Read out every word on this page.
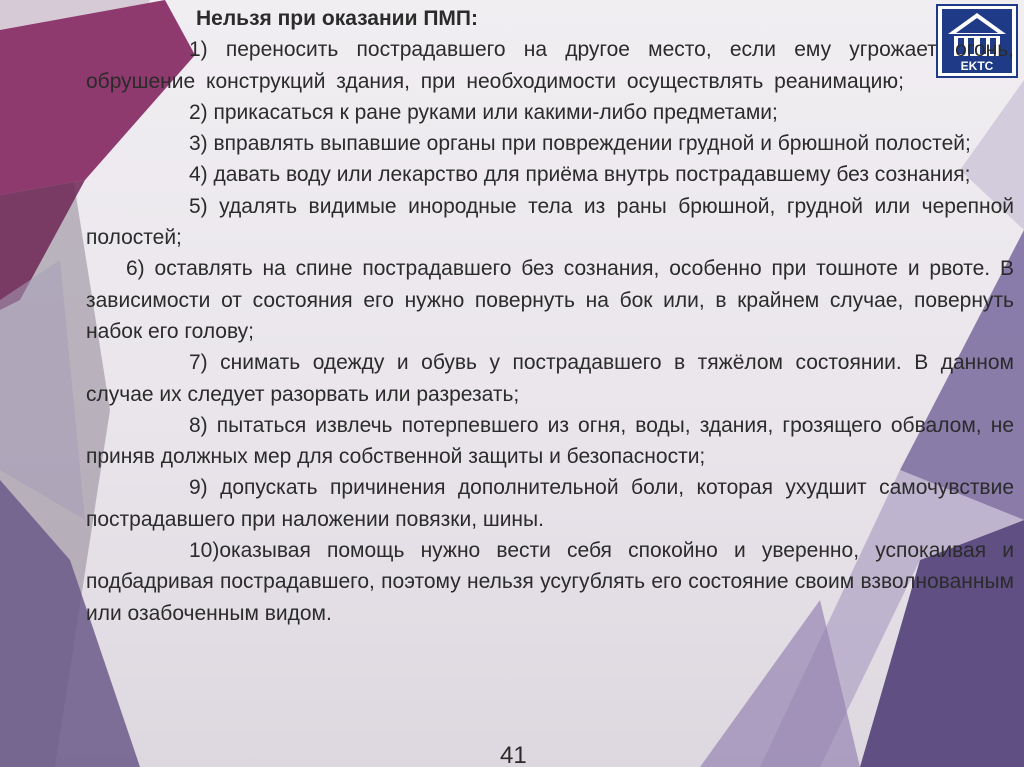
EKTC

Нельзя при оказании ПМП:

1) переносить пострадавшего на другое место, если ему угрожает огонь, обрушение конструкций здания, при необходимости осуществлять реанимацию;

2) прикасаться к ране руками или какими-либо предметами;

3) вправлять выпавшие органы при повреждении грудной и брюшной полостей;

4) давать воду или лекарство для приёма внутрь пострадавшему без сознания;

5) удалять видимые инородные тела из раны брюшной, грудной или черепной полостей;

6) оставлять на спине пострадавшего без сознания, особенно при тошноте и рвоте. В зависимости от состояния его нужно повернуть на бок или, в крайнем случае, повернуть набок его голову;

7) снимать одежду и обувь у пострадавшего в тяжёлом состоянии. В данном случае их следует разорвать или разрезать;

8) пытаться извлечь потерпевшего из огня, воды, здания, грозящего обвалом, не приняв должных мер для собственной защиты и безопасности;

9) допускать причинения дополнительной боли, которая ухудшит самочувствие пострадавшего при наложении повязки, шины.

10)оказывая помощь нужно вести себя спокойно и уверенно, успокаивая и подбадривая пострадавшего, поэтому нельзя усугублять его состояние своим взволнованным или озабоченным видом.

41
